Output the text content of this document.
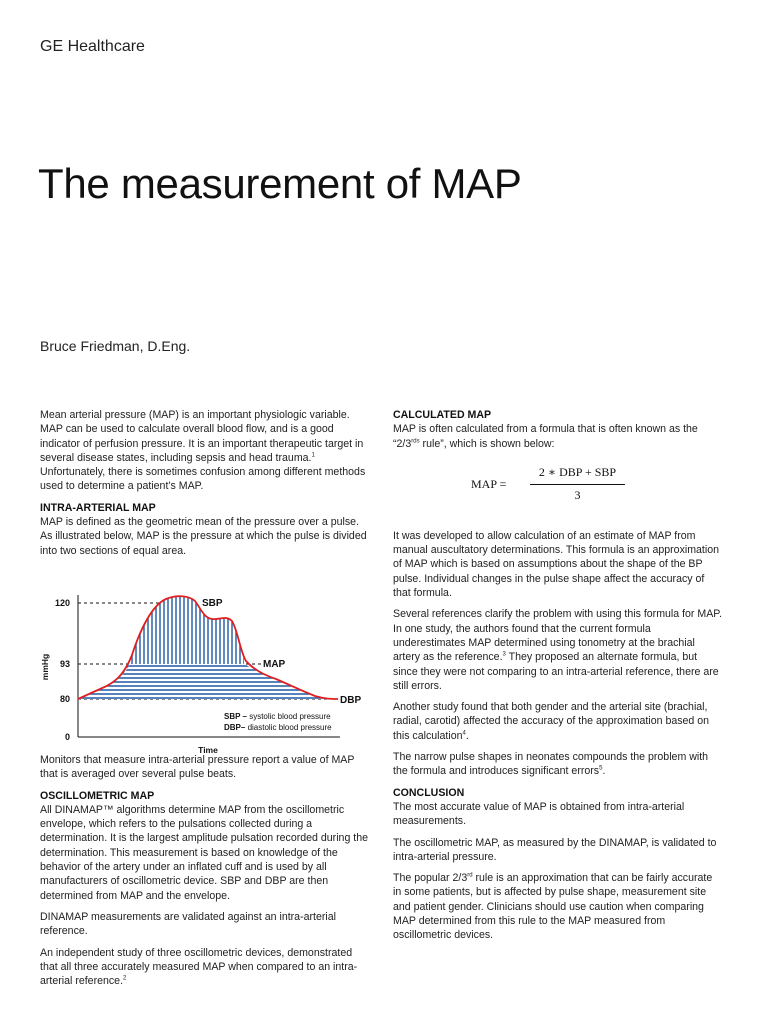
GE Healthcare
The measurement of MAP
Bruce Friedman, D.Eng.

Mean arterial pressure (MAP) is an important physiologic variable. MAP can be used to calculate overall blood flow, and is a good indicator of perfusion pressure. It is an important therapeutic target in several disease states, including sepsis and head trauma.$^1$ Unfortunately, there is sometimes confusion among different methods used to determine a patient’s MAP.

INTRA-ARTERIAL MAP

MAP is defined as the geometric mean of the pressure over a pulse. As illustrated below, MAP is the pressure at which the pulse is divided into two sections of equal area.

120
93
80
0
mmHg
Time
SBP
MAP
DBP
SBP – systolic blood pressure
DBP– diastolic blood pressure

Monitors that measure intra-arterial pressure report a value of MAP that is averaged over several pulse beats.

OSCILLOMETRIC MAP

All DINAMAP™ algorithms determine MAP from the oscillometric envelope, which refers to the pulsations collected during a determination. It is the largest amplitude pulsation recorded during the determination. This measurement is based on knowledge of the behavior of the artery under an inflated cuff and is used by all manufacturers of oscillometric device. SBP and DBP are then determined from MAP and the envelope.

DINAMAP measurements are validated against an intra-arterial reference.

An independent study of three oscillometric devices, demonstrated that all three accurately measured MAP when compared to an intra-arterial reference.$^2$

CALCULATED MAP

MAP is often calculated from a formula that is often known as the “$2/3^{rds}$ rule”, which is shown below:

MAP =
2 ∗ DBP + SBP
3

It was developed to allow calculation of an estimate of MAP from manual auscultatory determinations. This formula is an approximation of MAP which is based on assumptions about the shape of the BP pulse. Individual changes in the pulse shape affect the accuracy of that formula.

Several references clarify the problem with using this formula for MAP. In one study, the authors found that the current formula underestimates MAP determined using tonometry at the brachial artery as the reference.$^3$ They proposed an alternate formula, but since they were not comparing to an intra-arterial reference, there are still errors.

Another study found that both gender and the arterial site (brachial, radial, carotid) affected the accuracy of the approximation based on this calculation$^4$.

The narrow pulse shapes in neonates compounds the problem with the formula and introduces significant errors$^5$.

CONCLUSION

The most accurate value of MAP is obtained from intra-arterial measurements.

The oscillometric MAP, as measured by the DINAMAP, is validated to intra-arterial pressure.

The popular 2/3rd rule is an approximation that can be fairly accurate in some patients, but is affected by pulse shape, measurement site and patient gender. Clinicians should use caution when comparing MAP determined from this rule to the MAP measured from oscillometric devices.
